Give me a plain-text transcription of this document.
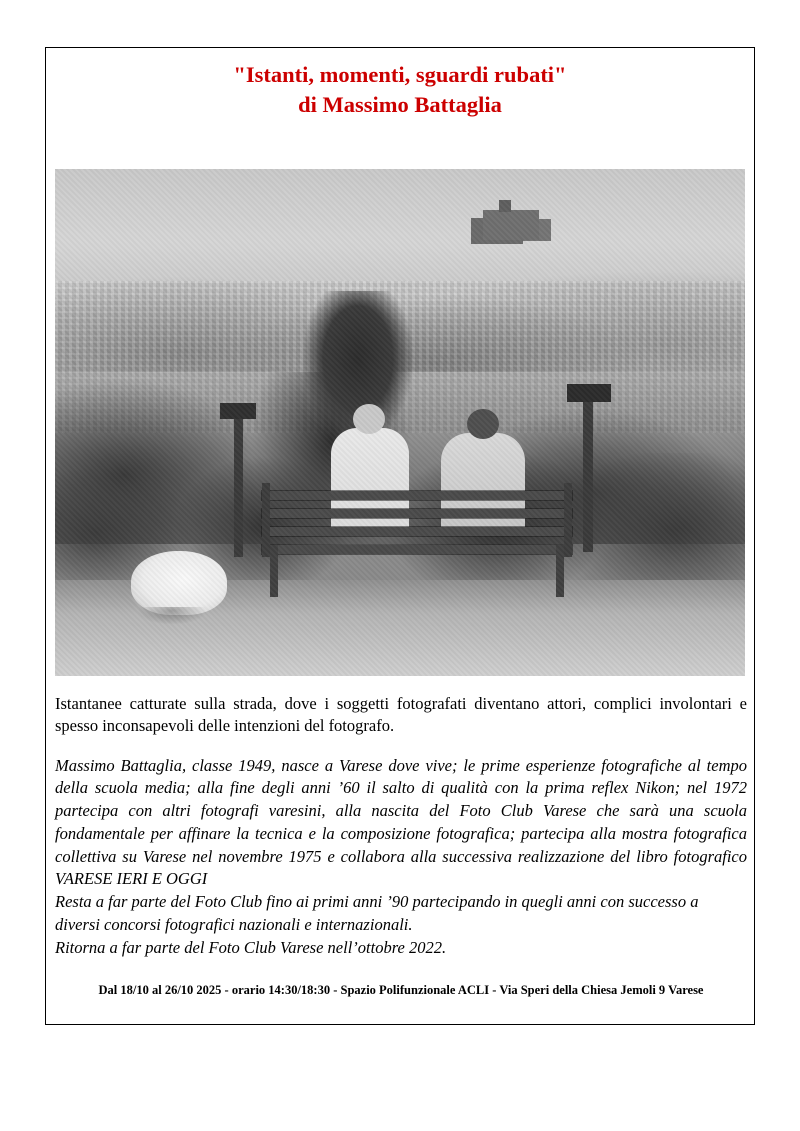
"Istanti, momenti, sguardi rubati"
di Massimo Battaglia

Istantanee catturate sulla strada, dove i soggetti fotografati diventano attori, complici involontari e spesso inconsapevoli delle intenzioni del fotografo.

Massimo Battaglia, classe 1949, nasce a Varese dove vive; le prime esperienze fotografiche al tempo della scuola media; alla fine degli anni ’60 il salto di qualità con la prima reflex Nikon; nel 1972 partecipa con altri fotografi varesini, alla nascita del Foto Club Varese che sarà una scuola fondamentale per affinare la tecnica e la composizione fotografica; partecipa alla mostra fotografica collettiva su Varese nel novembre 1975 e collabora alla successiva realizzazione del libro fotografico VARESE IERI E OGGI

Resta a far parte del Foto Club fino ai primi anni ’90 partecipando in quegli anni con successo a diversi concorsi fotografici nazionali e internazionali.

Ritorna a far parte del Foto Club Varese nell’ottobre 2022.

Dal 18/10 al 26/10 2025 - orario 14:30/18:30 - Spazio Polifunzionale ACLI - Via Speri della Chiesa Jemoli 9 Varese
